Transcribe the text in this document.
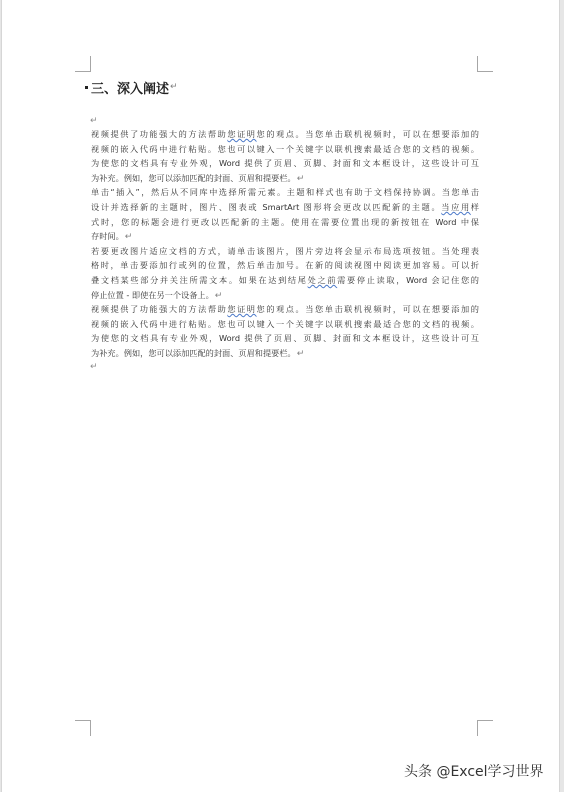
三、深入阐述 ↵
↵
视频提供了功能强大的方法帮助您证明您的观点。当您单击联机视频时，可以在想要添加的
视频的嵌入代码中进行粘贴。您也可以键入一个关键字以联机搜索最适合您的文档的视频。
为使您的文档具有专业外观，Word 提供了页眉、页脚、封面和文本框设计，这些设计可互
为补充。例如，您可以添加匹配的封面、页眉和提要栏。↵
单击“插入”，然后从不同库中选择所需元素。主题和样式也有助于文档保持协调。当您单击
设计并选择新的主题时，图片、图表或 SmartArt 图形将会更改以匹配新的主题。当应用样
式时，您的标题会进行更改以匹配新的主题。使用在需要位置出现的新按钮在 Word 中保
存时间。↵
若要更改图片适应文档的方式，请单击该图片，图片旁边将会显示布局选项按钮。当处理表
格时，单击要添加行或列的位置，然后单击加号。在新的阅读视图中阅读更加容易。可以折
叠文档某些部分并关注所需文本。如果在达到结尾处之前需要停止读取，Word 会记住您的
停止位置 - 即使在另一个设备上。↵
视频提供了功能强大的方法帮助您证明您的观点。当您单击联机视频时，可以在想要添加的
视频的嵌入代码中进行粘贴。您也可以键入一个关键字以联机搜索最适合您的文档的视频。
为使您的文档具有专业外观，Word 提供了页眉、页脚、封面和文本框设计，这些设计可互
为补充。例如，您可以添加匹配的封面、页眉和提要栏。↵
↵
头条 @Excel学习世界
